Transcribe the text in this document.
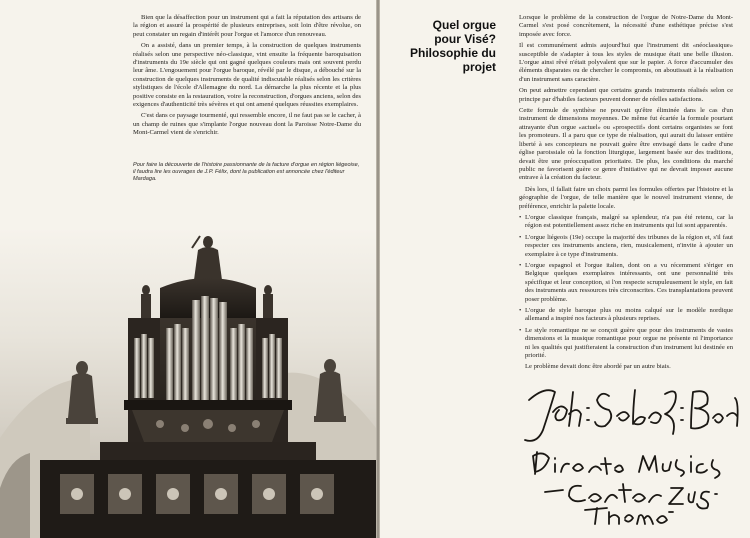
Bien que la désaffection pour un instrument qui a fait la réputation des artisans de la région et assuré la prospérité de plusieurs entreprises, soit loin d'être révolue, on peut constater un regain d'intérêt pour l'orgue et l'amorce d'un renouveau.

On a assisté, dans un premier temps, à la construction de quelques instruments réalisés selon une perspective néo-classique, vint ensuite la fréquente baroquisation d'instruments du 19e siècle qui ont gagné quelques couleurs mais ont souvent perdu leur âme. L'engouement pour l'orgue baroque, révélé par le disque, a débouché sur la construction de quelques instruments de qualité indiscutable réalisés selon les critères stylistiques de l'école d'Allemagne du nord. La démarche la plus récente et la plus positive consiste en la restauration, voire la reconstruction, d'orgues anciens, selon des exigences d'authenticité très sévères et qui ont amené quelques réussites exemplaires.

C'est dans ce paysage tourmenté, qui ressemble encore, il ne faut pas se le cacher, à un champ de ruines que s'implante l'orgue nouveau dont la Paroisse Notre-Dame du Mont-Carmel vient de s'enrichir.

Pour faire la découverte de l'histoire passionnante de la facture d'orgue en région liégeoise, il faudra lire les ouvrages de J.P. Félix, dont la publication est annoncée chez l'éditeur Mardaga.

Lorsque le problème de la construction de l'orgue de Notre-Dame du Mont-Carmel s'est posé concrètement, la nécessité d'une esthétique précise s'est imposée avec force.

Il est communément admis aujourd'hui que l'instrument dit «néoclassique» susceptible de s'adapter à tous les styles de musique était une belle illusion. L'orgue ainsi rêvé n'était polyvalent que sur le papier. A force d'accumuler des éléments disparates ou de chercher le compromis, on aboutissait à la réalisation d'un instrument sans caractère.

On peut admettre cependant que certains grands instruments réalisés selon ce principe par d'habiles facteurs peuvent donner de réelles satisfactions.

Cette formule de synthèse ne pouvait qu'être éliminée dans le cas d'un instrument de dimensions moyennes. De même fut écartée la formule pourtant attrayante d'un orgue «actuel» ou «prospectif» dont certains organistes se font les promoteurs. Il a paru que ce type de réalisation, qui aurait du laisser entière liberté à ses concepteurs ne pouvait guère être envisagé dans le cadre d'une église paroissiale où la fonction liturgique, largement basée sur des traditions, devait être une préoccupation prioritaire. De plus, les conditions du marché public ne favorisent guère ce genre d'initiative qui ne devrait imposer aucune entrave à la création du facteur.

Dès lors, il fallait faire un choix parmi les formules offertes par l'histoire et la géographie de l'orgue, de telle manière que le nouvel instrument vienne, de préférence, enrichir la palette locale.

• L'orgue classique français, malgré sa splendeur, n'a pas été retenu, car la région est potentiellement assez riche en instruments qui lui sont apparentés.

• L'orgue liégeois (19e) occupe la majorité des tribunes de la région et, s'il faut respecter ces instruments anciens, rien, musicalement, n'invite à ajouter un exemplaire à ce type d'instruments.

• L'orgue espagnol et l'orgue italien, dont on a vu récemment s'ériger en Belgique quelques exemplaires intéressants, ont une personnalité très spécifique et leur conception, si l'on respecte scrupuleusement le style, en fait des instruments aux ressources très circonscrites. Ces transplantations peuvent poser problème.

• L'orgue de style baroque plus ou moins calqué sur le modèle nordique allemand a inspiré nos facteurs à plusieurs reprises.

• Le style romantique ne se conçoit guère que pour des instruments de vastes dimensions et la musique romantique pour orgue ne présente ni l'importance ni les qualités qui justifieraient la construction d'un instrument lui destinée en priorité.

Le problème devait donc être abordé par un autre biais.

Quel orgue
pour Visé?
Philosophie du
projet
